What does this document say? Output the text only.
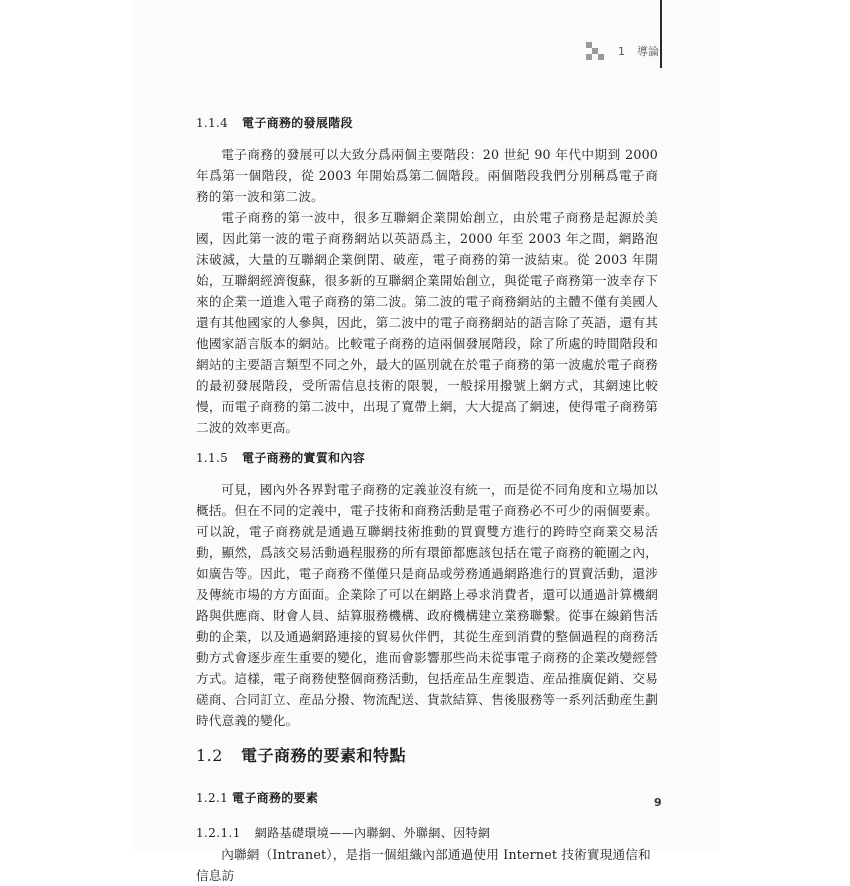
1 導論
1.1.4 電子商務的發展階段

電子商務的發展可以大致分爲兩個主要階段：20 世紀 90 年代中期到 2000 年爲第一個階段，從 2003 年開始爲第二個階段。兩個階段我們分別稱爲電子商務的第一波和第二波。

電子商務的第一波中，很多互聯網企業開始創立，由於電子商務是起源於美國，因此第一波的電子商務網站以英語爲主，2000 年至 2003 年之間，網路泡沫破滅，大量的互聯網企業倒閉、破産，電子商務的第一波結束。從 2003 年開始，互聯網經濟復蘇，很多新的互聯網企業開始創立，與從電子商務第一波幸存下來的企業一道進入電子商務的第二波。第二波的電子商務網站的主體不僅有美國人還有其他國家的人參與，因此，第二波中的電子商務網站的語言除了英語，還有其他國家語言版本的網站。比較電子商務的這兩個發展階段，除了所處的時間階段和網站的主要語言類型不同之外，最大的區別就在於電子商務的第一波處於電子商務的最初發展階段，受所需信息技術的限製，一般採用撥號上網方式，其網速比較慢，而電子商務的第二波中，出現了寬帶上網，大大提高了網速，使得電子商務第二波的效率更高。

1.1.5 電子商務的實質和內容

可見，國內外各界對電子商務的定義並沒有統一，而是從不同角度和立場加以概括。但在不同的定義中，電子技術和商務活動是電子商務必不可少的兩個要素。可以說，電子商務就是通過互聯網技術推動的買賣雙方進行的跨時空商業交易活動，顯然，爲該交易活動過程服務的所有環節都應該包括在電子商務的範圍之內，如廣告等。因此，電子商務不僅僅只是商品或勞務通過網路進行的買賣活動，還涉及傳統市場的方方面面。企業除了可以在網路上尋求消費者，還可以通過計算機網路與供應商、財會人員、結算服務機構、政府機構建立業務聯繫。從事在線銷售活動的企業，以及通過網路連接的貿易伙伴們，其從生産到消費的整個過程的商務活動方式會逐步産生重要的變化，進而會影響那些尚未從事電子商務的企業改變經營方式。這樣，電子商務使整個商務活動，包括産品生産製造、産品推廣促銷、交易磋商、合同訂立、産品分撥、物流配送、貨款結算、售後服務等一系列活動産生劃時代意義的變化。

1.2 電子商務的要素和特點
1.2.1 電子商務的要素
1.2.1.1 網路基礎環境——內聯網、外聯網、因特網

內聯網（Intranet），是指一個組織內部通過使用 Internet 技術實現通信和信息訪

9
